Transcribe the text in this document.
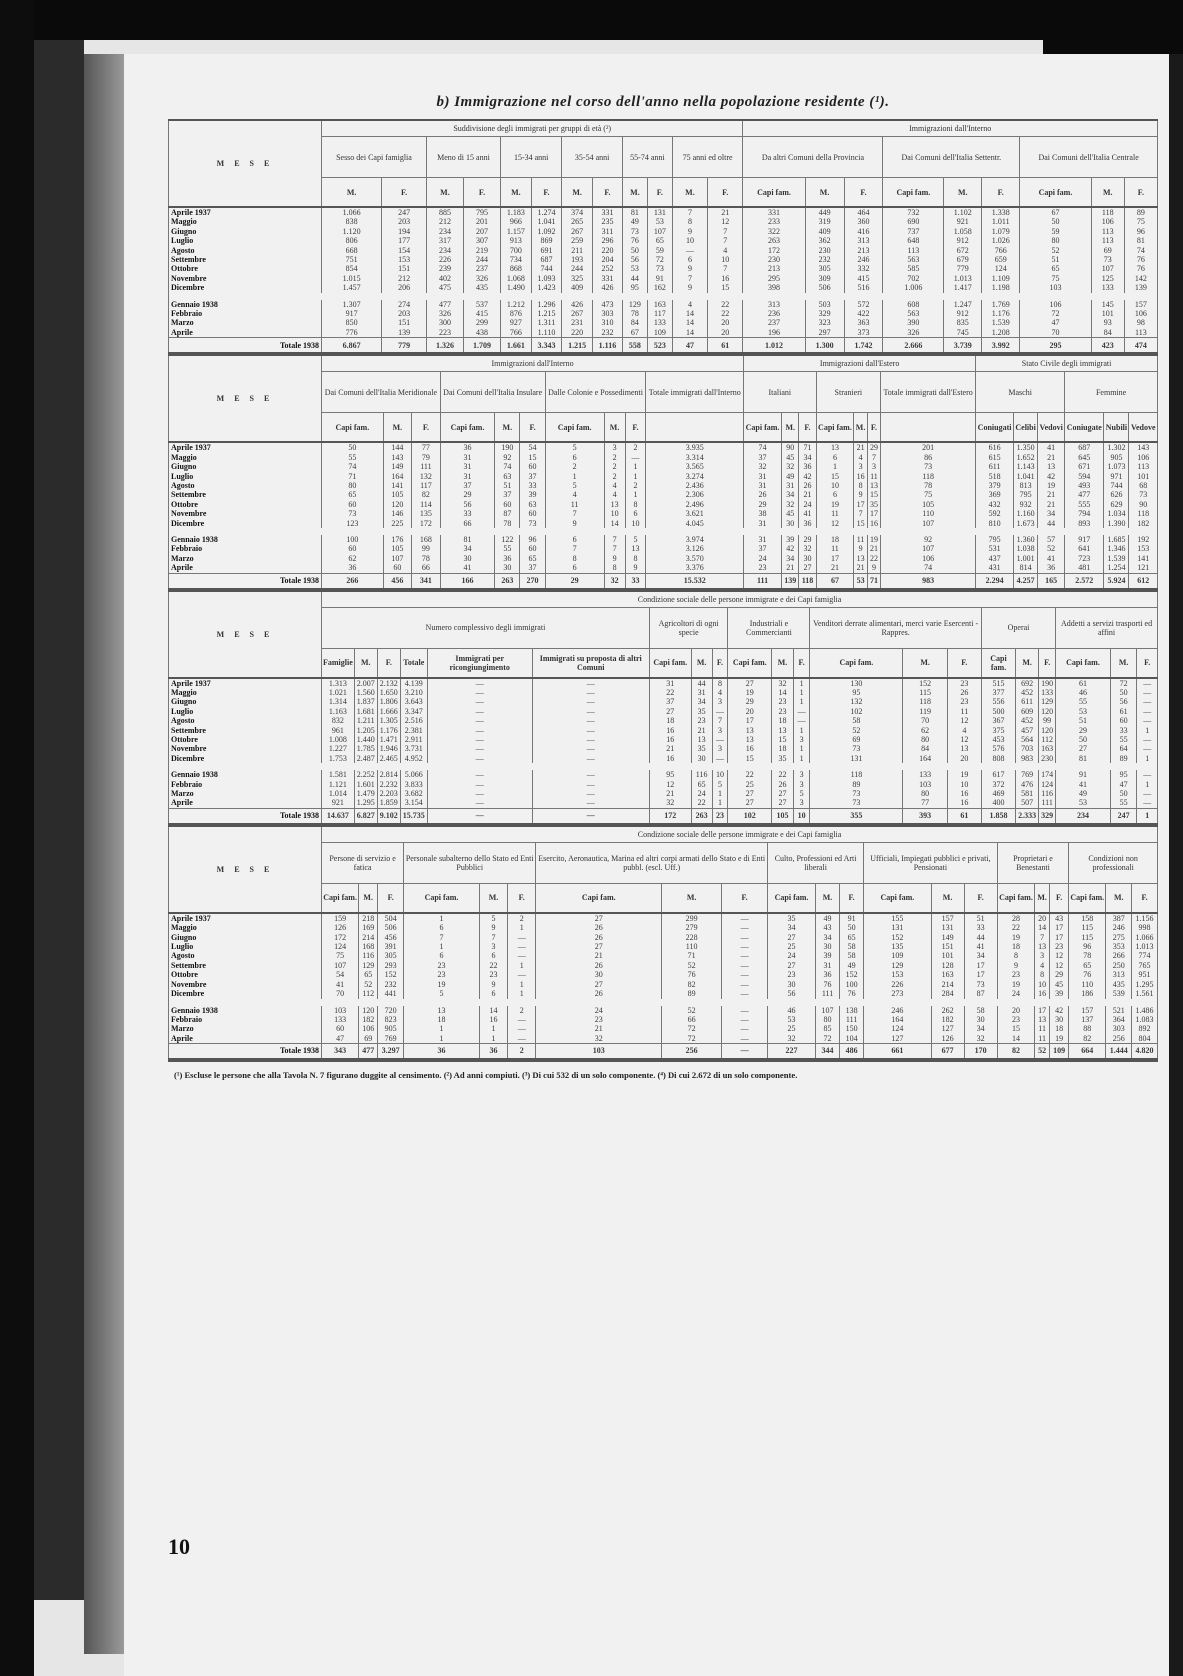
b) Immigrazione nel corso dell'anno nella popolazione residente (¹).
M E S E	Suddivisione degli immigrati per gruppi di età (²)												Immigrazioni dall'Interno								
	Sesso dei Capi famiglia		Meno di 15 anni		15-34 anni		35-54 anni		55-74 anni		75 anni ed oltre		Da altri Comuni della Provincia			Dai Comuni dell'Italia Settentr.			Dai Comuni dell'Italia Centrale		
	M.	F.	M.	F.	M.	F.	M.	F.	M.	F.	M.	F.	Capi fam.	M.	F.	Capi fam.	M.	F.	Capi fam.	M.	F.
Aprile 1937	1.066	247	885	795	1.183	1.274	374	331	81	131	7	21	331	449	464	732	1.102	1.338	67	118	89
Maggio	838	203	212	201	966	1.041	265	235	49	53	8	12	233	319	360	690	921	1.011	50	106	75
Giugno	1.120	194	234	207	1.157	1.092	267	311	73	107	9	7	322	409	416	737	1.058	1.079	59	113	96
Luglio	806	177	317	307	913	869	259	296	76	65	10	7	263	362	313	648	912	1.026	80	113	81
Agosto	668	154	234	219	700	691	211	220	50	59	—	4	172	230	213	113	672	766	52	69	74
Settembre	751	153	226	244	734	687	193	204	56	72	6	10	230	232	246	563	679	659	51	73	76
Ottobre	854	151	239	237	868	744	244	252	53	73	9	7	213	305	332	585	779	124	65	107	76
Novembre	1.015	212	402	326	1.068	1.093	325	331	44	91	7	16	295	309	415	702	1.013	1.109	75	125	142
Dicembre	1.457	206	475	435	1.490	1.423	409	426	95	162	9	15	398	506	516	1.006	1.417	1.198	103	133	139

Gennaio 1938	1.307	274	477	537	1.212	1.296	426	473	129	163	4	22	313	503	572	608	1.247	1.769	106	145	157
Febbraio	917	203	326	415	876	1.215	267	303	78	117	14	22	236	329	422	563	912	1.176	72	101	106
Marzo	850	151	300	299	927	1.311	231	310	84	133	14	20	237	323	363	390	835	1.539	47	93	98
Aprile	776	139	223	438	766	1.110	220	232	67	109	14	20	196	297	373	326	745	1.208	70	84	113
Totale 1938	6.867	779	1.326	1.709	1.661	3.343	1.215	1.116	558	523	47	61	1.012	1.300	1.742	2.666	3.739	3.992	295	423	474
M E S E	Immigrazioni dall'Interno										Immigrazioni dall'Estero							Stato Civile degli immigrati					
	Dai Comuni dell'Italia Meridionale			Dai Comuni dell'Italia Insulare			Dalle Colonie e Possedimenti			Totale immigrati dall'Interno	Italiani			Stranieri			Totale immigrati dall'Estero	Maschi			Femmine		
	Capi fam.	M.	F.	Capi fam.	M.	F.	Capi fam.	M.	F.		Capi fam.	M.	F.	Capi fam.	M.	F.		Coniugati	Celibi	Vedovi	Coniugate	Nubili	Vedove
Aprile 1937	50	144	77	36	190	54	5	3	2	3.935	74	90	71	13	21	29	201	616	1.350	41	687	1.302	143
Maggio	55	143	79	31	92	15	6	2	—	3.314	37	45	34	6	4	7	86	615	1.652	21	645	905	106
Giugno	74	149	111	31	74	60	2	2	1	3.565	32	32	36	1	3	3	73	611	1.143	13	671	1.073	113
Luglio	71	164	132	31	63	37	1	2	1	3.274	31	49	42	15	16	11	118	518	1.041	42	594	971	101
Agosto	80	141	117	37	51	33	5	4	2	2.436	31	31	26	10	8	13	78	379	813	19	493	744	68
Settembre	65	105	82	29	37	39	4	4	1	2.306	26	34	21	6	9	15	75	369	795	21	477	626	73
Ottobre	60	120	114	56	60	63	11	13	8	2.496	29	32	24	19	17	35	105	432	932	21	555	629	90
Novembre	73	146	135	33	87	60	7	10	6	3.621	38	45	41	11	7	17	110	592	1.160	34	794	1.034	118
Dicembre	123	225	172	66	78	73	9	14	10	4.045	31	30	36	12	15	16	107	810	1.673	44	893	1.390	182

Gennaio 1938	100	176	168	81	122	96	6	7	5	3.974	31	39	29	18	11	19	92	795	1.360	57	917	1.685	192
Febbraio	60	105	99	34	55	60	7	7	13	3.126	37	42	32	11	9	21	107	531	1.038	52	641	1.346	153
Marzo	62	107	78	30	36	65	8	9	8	3.570	24	34	30	17	13	22	106	437	1.001	41	723	1.539	141
Aprile	36	60	66	41	30	37	6	8	9	3.376	23	21	27	21	21	9	74	431	814	36	481	1.254	121
Totale 1938	266	456	341	166	263	270	29	32	33	15.532	111	139	118	67	53	71	983	2.294	4.257	165	2.572	5.924	612
M E S E	Condizione sociale delle persone immigrate e dei Capi famiglia																				
	Numero complessivo degli immigrati						Agricoltori di ogni specie			Industriali e Commercianti			Venditori derrate alimentari, merci varie Esercenti - Rappres.			Operai			Addetti a servizi trasporti ed affini		
	Famiglie	M.	F.	Totale	Immigrati per ricongiungimento	Immigrati su proposta di altri Comuni	Capi fam.	M.	F.	Capi fam.	M.	F.	Capi fam.	M.	F.	Capi fam.	M.	F.	Capi fam.	M.	F.
Aprile 1937	1.313	2.007	2.132	4.139	—	—	31	44	8	27	32	1	130	152	23	515	692	190	61	72	—
Maggio	1.021	1.560	1.650	3.210	—	—	22	31	4	19	14	1	95	115	26	377	452	133	46	50	—
Giugno	1.314	1.837	1.806	3.643	—	—	37	34	3	29	23	1	132	118	23	556	611	129	55	56	—
Luglio	1.163	1.681	1.666	3.347	—	—	27	35	—	20	23	—	102	119	11	500	609	120	53	61	—
Agosto	832	1.211	1.305	2.516	—	—	18	23	7	17	18	—	58	70	12	367	452	99	51	60	—
Settembre	961	1.205	1.176	2.381	—	—	16	21	3	13	13	1	52	62	4	375	457	120	29	33	1
Ottobre	1.008	1.440	1.471	2.911	—	—	16	13	—	13	15	3	69	80	12	453	564	112	50	55	—
Novembre	1.227	1.785	1.946	3.731	—	—	21	35	3	16	18	1	73	84	13	576	703	163	27	64	—
Dicembre	1.753	2.487	2.465	4.952	—	—	16	30	—	15	35	1	131	164	20	808	983	230	81	89	1

Gennaio 1938	1.581	2.252	2.814	5.066	—	—	95	116	10	22	22	3	118	133	19	617	769	174	91	95	—
Febbraio	1.121	1.601	2.232	3.833	—	—	12	65	5	25	26	3	89	103	10	372	476	124	41	47	1
Marzo	1.014	1.479	2.203	3.682	—	—	21	24	1	27	27	5	73	80	16	469	581	116	49	50	—
Aprile	921	1.295	1.859	3.154	—	—	32	22	1	27	27	3	73	77	16	400	507	111	53	55	—
Totale 1938	14.637	6.827	9.102	15.735	—	—	172	263	23	102	105	10	355	393	61	1.858	2.333	329	234	247	1
M E S E	Condizione sociale delle persone immigrate e dei Capi famiglia																				
	Persone di servizio e fatica			Personale subalterno dello Stato ed Enti Pubblici			Esercito, Aeronautica, Marina ed altri corpi armati dello Stato e di Enti pubbl. (escl. Uff.)			Culto, Professioni ed Arti liberali			Ufficiali, Impiegati pubblici e privati, Pensionati			Proprietari e Benestanti			Condizioni non professionali		
	Capi fam.	M.	F.	Capi fam.	M.	F.	Capi fam.	M.	F.	Capi fam.	M.	F.	Capi fam.	M.	F.	Capi fam.	M.	F.	Capi fam.	M.	F.
Aprile 1937	159	218	504	1	5	2	27	299	—	35	49	91	155	157	51	28	20	43	158	387	1.156
Maggio	126	169	506	6	9	1	26	279	—	34	43	50	131	131	33	22	14	17	115	246	998
Giugno	172	214	456	7	7	—	26	228	—	27	34	65	152	149	44	19	7	17	115	275	1.066
Luglio	124	168	391	1	3	—	27	110	—	25	30	58	135	151	41	18	13	23	96	353	1.013
Agosto	75	116	305	6	6	—	21	71	—	24	39	58	109	101	34	8	3	12	78	266	774
Settembre	107	129	293	23	22	1	26	52	—	27	31	49	129	128	17	9	4	12	65	250	765
Ottobre	54	65	152	23	23	—	30	76	—	23	36	152	153	163	17	23	8	29	76	313	951
Novembre	41	52	232	19	9	1	27	82	—	30	76	100	226	214	73	19	10	45	110	435	1.295
Dicembre	70	112	441	5	6	1	26	89	—	56	111	76	273	284	87	24	16	39	186	539	1.561

Gennaio 1938	103	120	720	13	14	2	24	52	—	46	107	138	246	262	58	20	17	42	157	521	1.486
Febbraio	133	182	823	18	16	—	23	66	—	53	80	111	164	182	30	23	13	30	137	364	1.083
Marzo	60	106	905	1	1	—	21	72	—	25	85	150	124	127	34	15	11	18	88	303	892
Aprile	47	69	769	1	1	—	32	72	—	32	72	104	127	126	32	14	11	19	82	256	804
Totale 1938	343	477	3.297	36	36	2	103	256	—	227	344	486	661	677	170	82	52	109	664	1.444	4.820
(¹) Escluse le persone che alla Tavola N. 7 figurano duggite al censimento. (²) Ad anni compiuti. (³) Di cui 532 di un solo componente. (⁴) Di cui 2.672 di un solo componente.
10
